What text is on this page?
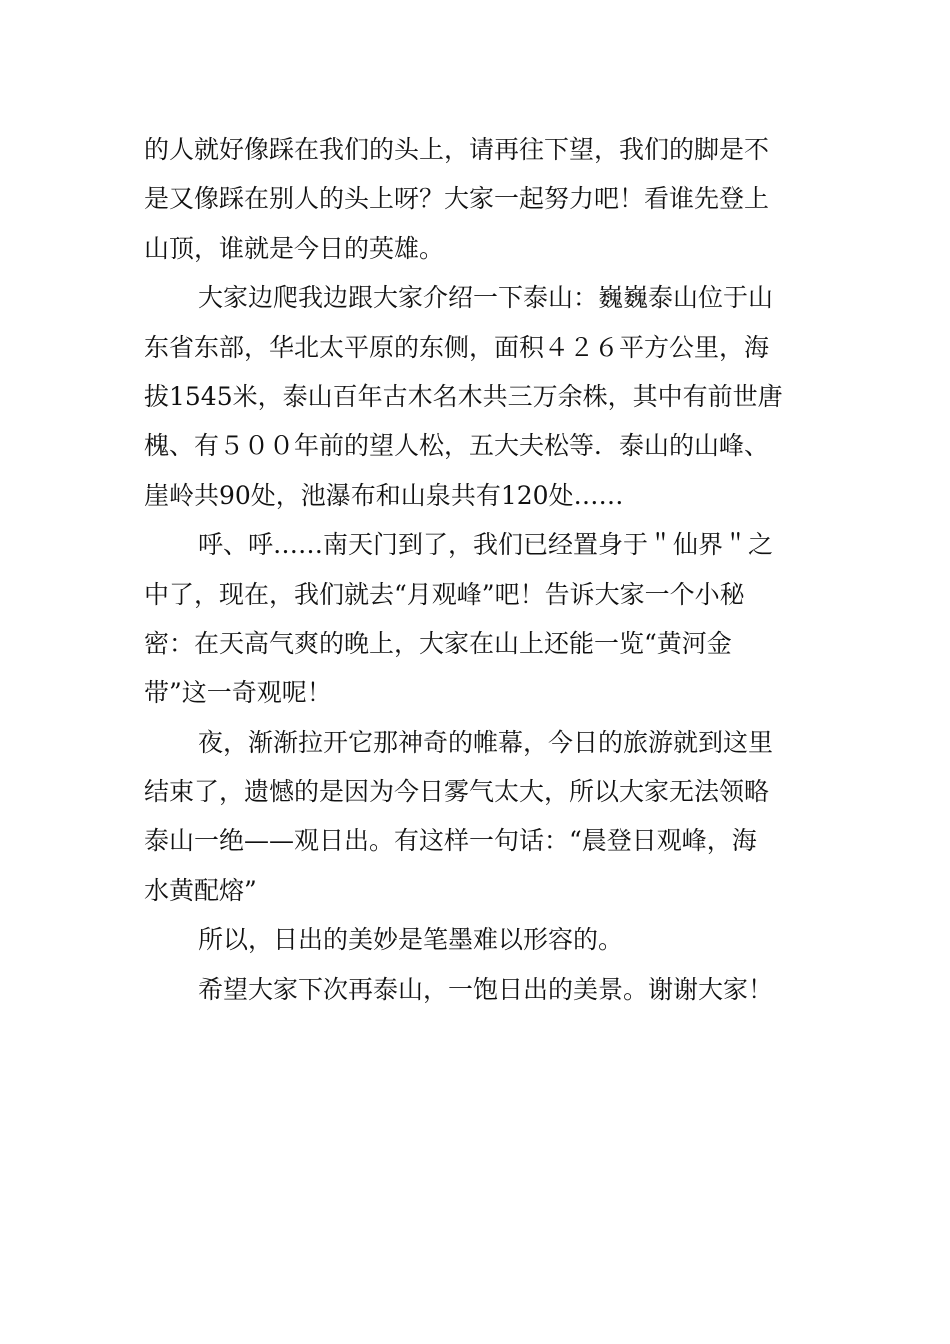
的人就好像踩在我们的头上，请再往下望，我们的脚是不
是又像踩在别人的头上呀？大家一起努力吧！看谁先登上
山顶，谁就是今日的英雄。
大家边爬我边跟大家介绍一下泰山：巍巍泰山位于山
东省东部，华北太平原的东侧，面积４２６平方公里，海
拔1545米，泰山百年古木名木共三万余株，其中有前世唐
槐、有５００年前的望人松，五大夫松等．泰山的山峰、
崖岭共90处，池瀑布和山泉共有120处……
呼、呼……南天门到了，我们已经置身于＂仙界＂之
中了，现在，我们就去“月观峰”吧！告诉大家一个小秘
密：在天高气爽的晚上，大家在山上还能一览“黄河金
带”这一奇观呢！
夜，渐渐拉开它那神奇的帷幕，今日的旅游就到这里
结束了，遗憾的是因为今日雾气太大，所以大家无法领略
泰山一绝——观日出。有这样一句话：“晨登日观峰，海
水黄配熔”
所以，日出的美妙是笔墨难以形容的。
希望大家下次再泰山，一饱日出的美景。谢谢大家！
